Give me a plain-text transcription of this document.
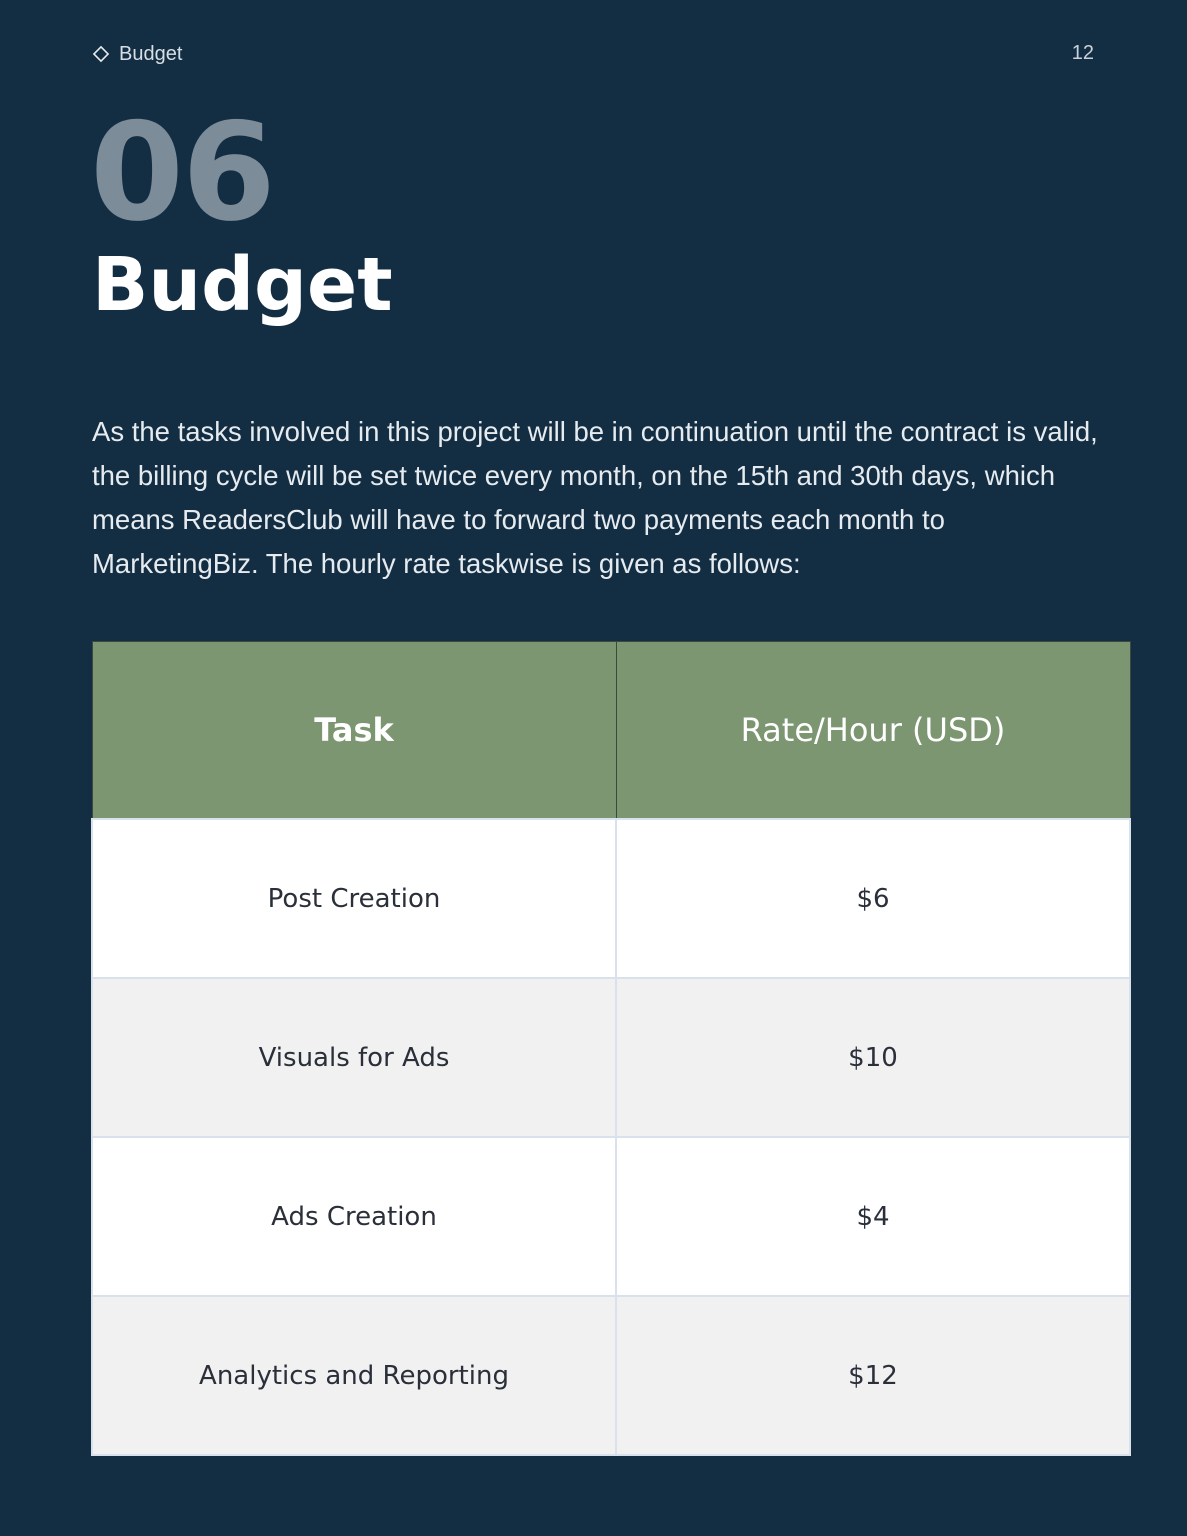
Budget	12
06
Budget

As the tasks involved in this project will be in continuation until the contract is valid, the billing cycle will be set twice every month, on the 15th and 30th days, which means ReadersClub will have to forward two payments each month to MarketingBiz. The hourly rate taskwise is given as follows:

Task	Rate/Hour (USD)
Post Creation	$6
Visuals for Ads	$10
Ads Creation	$4
Analytics and Reporting	$12
